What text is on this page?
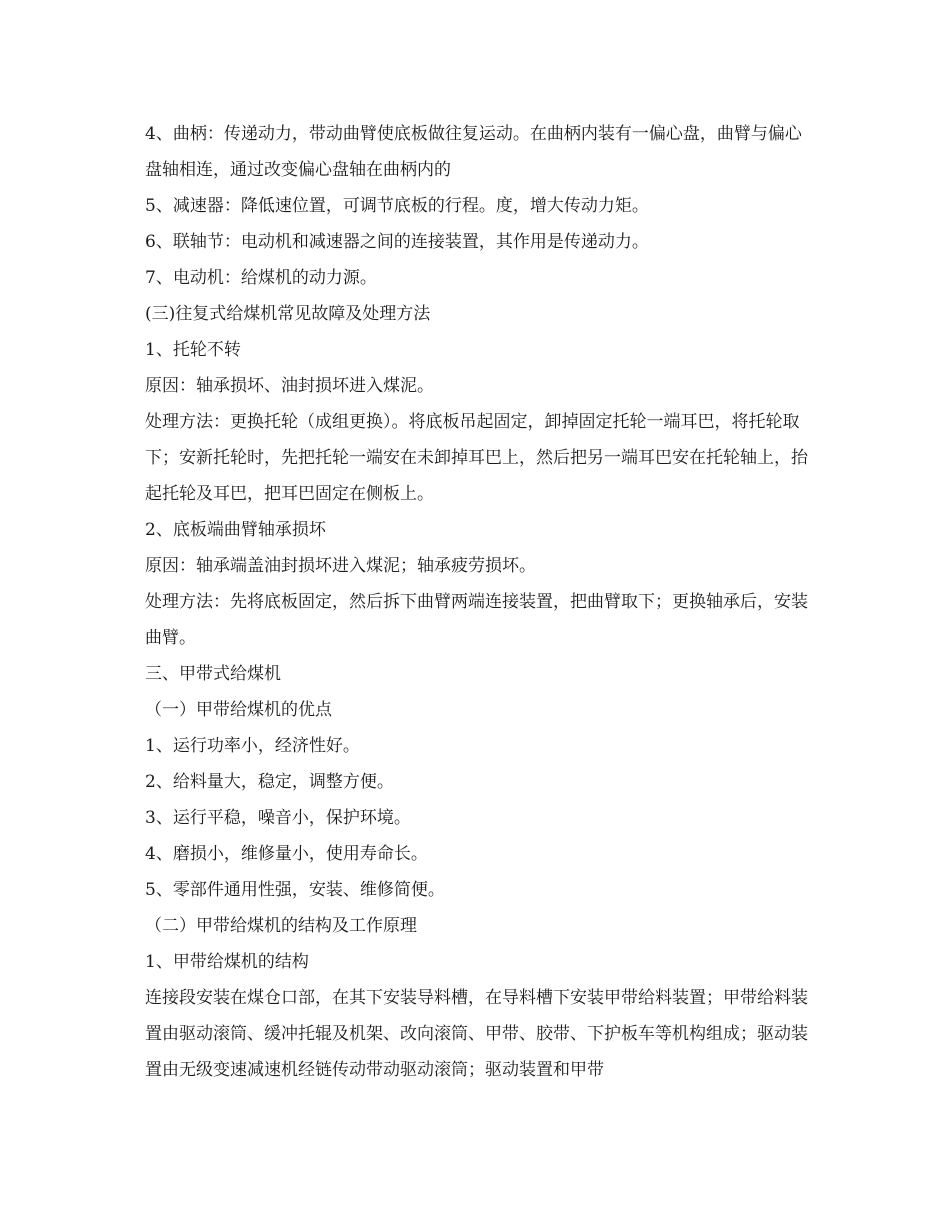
4、曲柄：传递动力，带动曲臂使底板做往复运动。在曲柄内装有一偏心盘，曲臂与偏心盘轴相连，通过改变偏心盘轴在曲柄内的

5、减速器：降低速位置，可调节底板的行程。度，增大传动力矩。

6、联轴节：电动机和减速器之间的连接装置，其作用是传递动力。

7、电动机：给煤机的动力源。

(三)往复式给煤机常见故障及处理方法

1、托轮不转

原因：轴承损坏、油封损坏进入煤泥。

处理方法：更换托轮（成组更换）。将底板吊起固定，卸掉固定托轮一端耳巴，将托轮取下；安新托轮时，先把托轮一端安在未卸掉耳巴上，然后把另一端耳巴安在托轮轴上，抬起托轮及耳巴，把耳巴固定在侧板上。

2、底板端曲臂轴承损坏

原因：轴承端盖油封损坏进入煤泥；轴承疲劳损坏。

处理方法：先将底板固定，然后拆下曲臂两端连接装置，把曲臂取下；更换轴承后，安装曲臂。

三、甲带式给煤机

（一）甲带给煤机的优点

1、运行功率小，经济性好。

2、给料量大，稳定，调整方便。

3、运行平稳，噪音小，保护环境。

4、磨损小，维修量小，使用寿命长。

5、零部件通用性强，安装、维修简便。

（二）甲带给煤机的结构及工作原理

1、甲带给煤机的结构

连接段安装在煤仓口部，在其下安装导料槽，在导料槽下安装甲带给料装置；甲带给料装置由驱动滚筒、缓冲托辊及机架、改向滚筒、甲带、胶带、下护板车等机构组成；驱动装置由无级变速减速机经链传动带动驱动滚筒；驱动装置和甲带
